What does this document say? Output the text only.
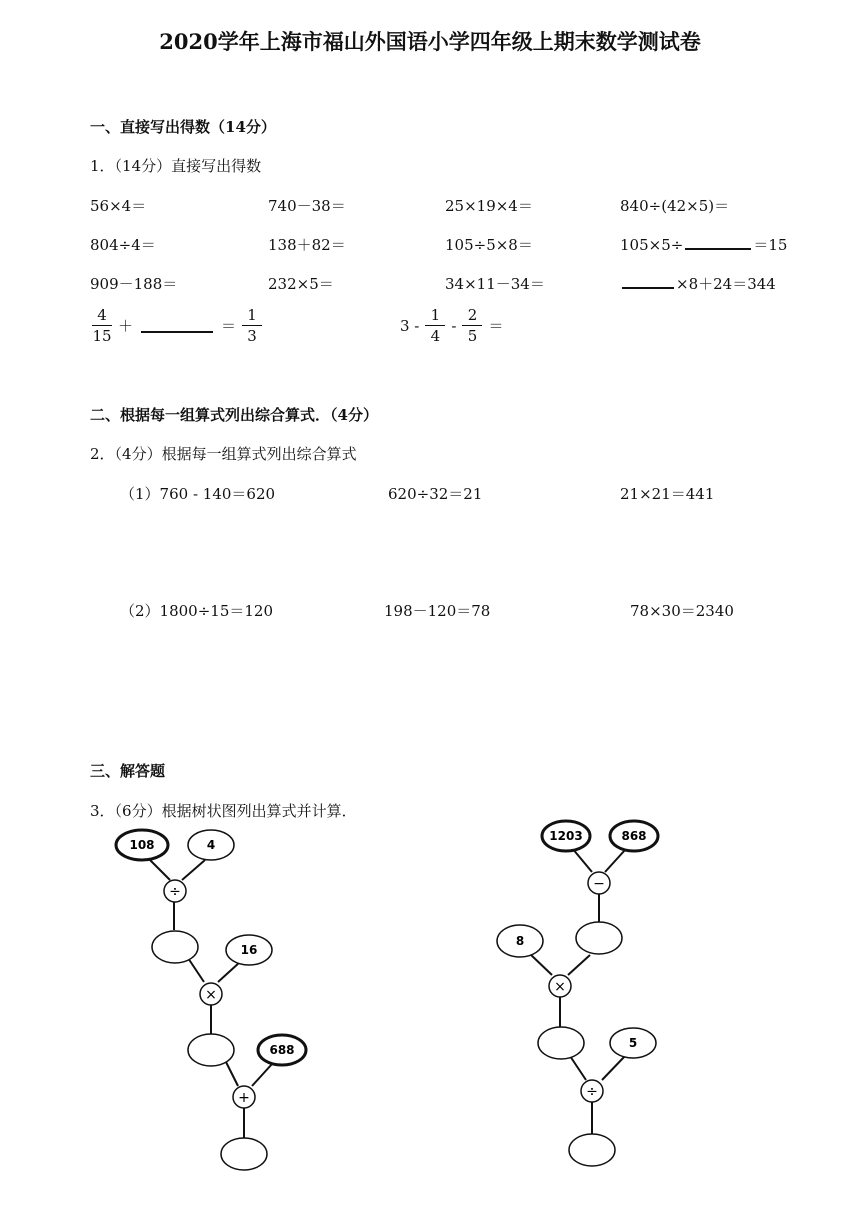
2020学年上海市福山外国语小学四年级上期末数学测试卷
一、直接写出得数（14分）
1．（14分）直接写出得数
56×4＝	740－38＝	25×19×4＝	840÷(42×5)＝
804÷4＝	138＋82＝	105÷5×8＝	105×5÷	＝15
909－188＝	232×5＝	34×11－34＝	×8＋24＝344
$\frac{4}{15}$ ＋	＝ $\frac{1}{3}$	$3 - \frac{1}{4} - \frac{2}{5}$ ＝
二、根据每一组算式列出综合算式．（4分）
2．（4分）根据每一组算式列出综合算式
（1）760 - 140＝620	620÷32＝21	21×21＝441
（2）1800÷15＝120	198－120＝78	78×30＝2340
三、解答题
3．（6分）根据树状图列出算式并计算．
108	4
÷
16
×
688
+
1203	868
−
8
×
5
÷
